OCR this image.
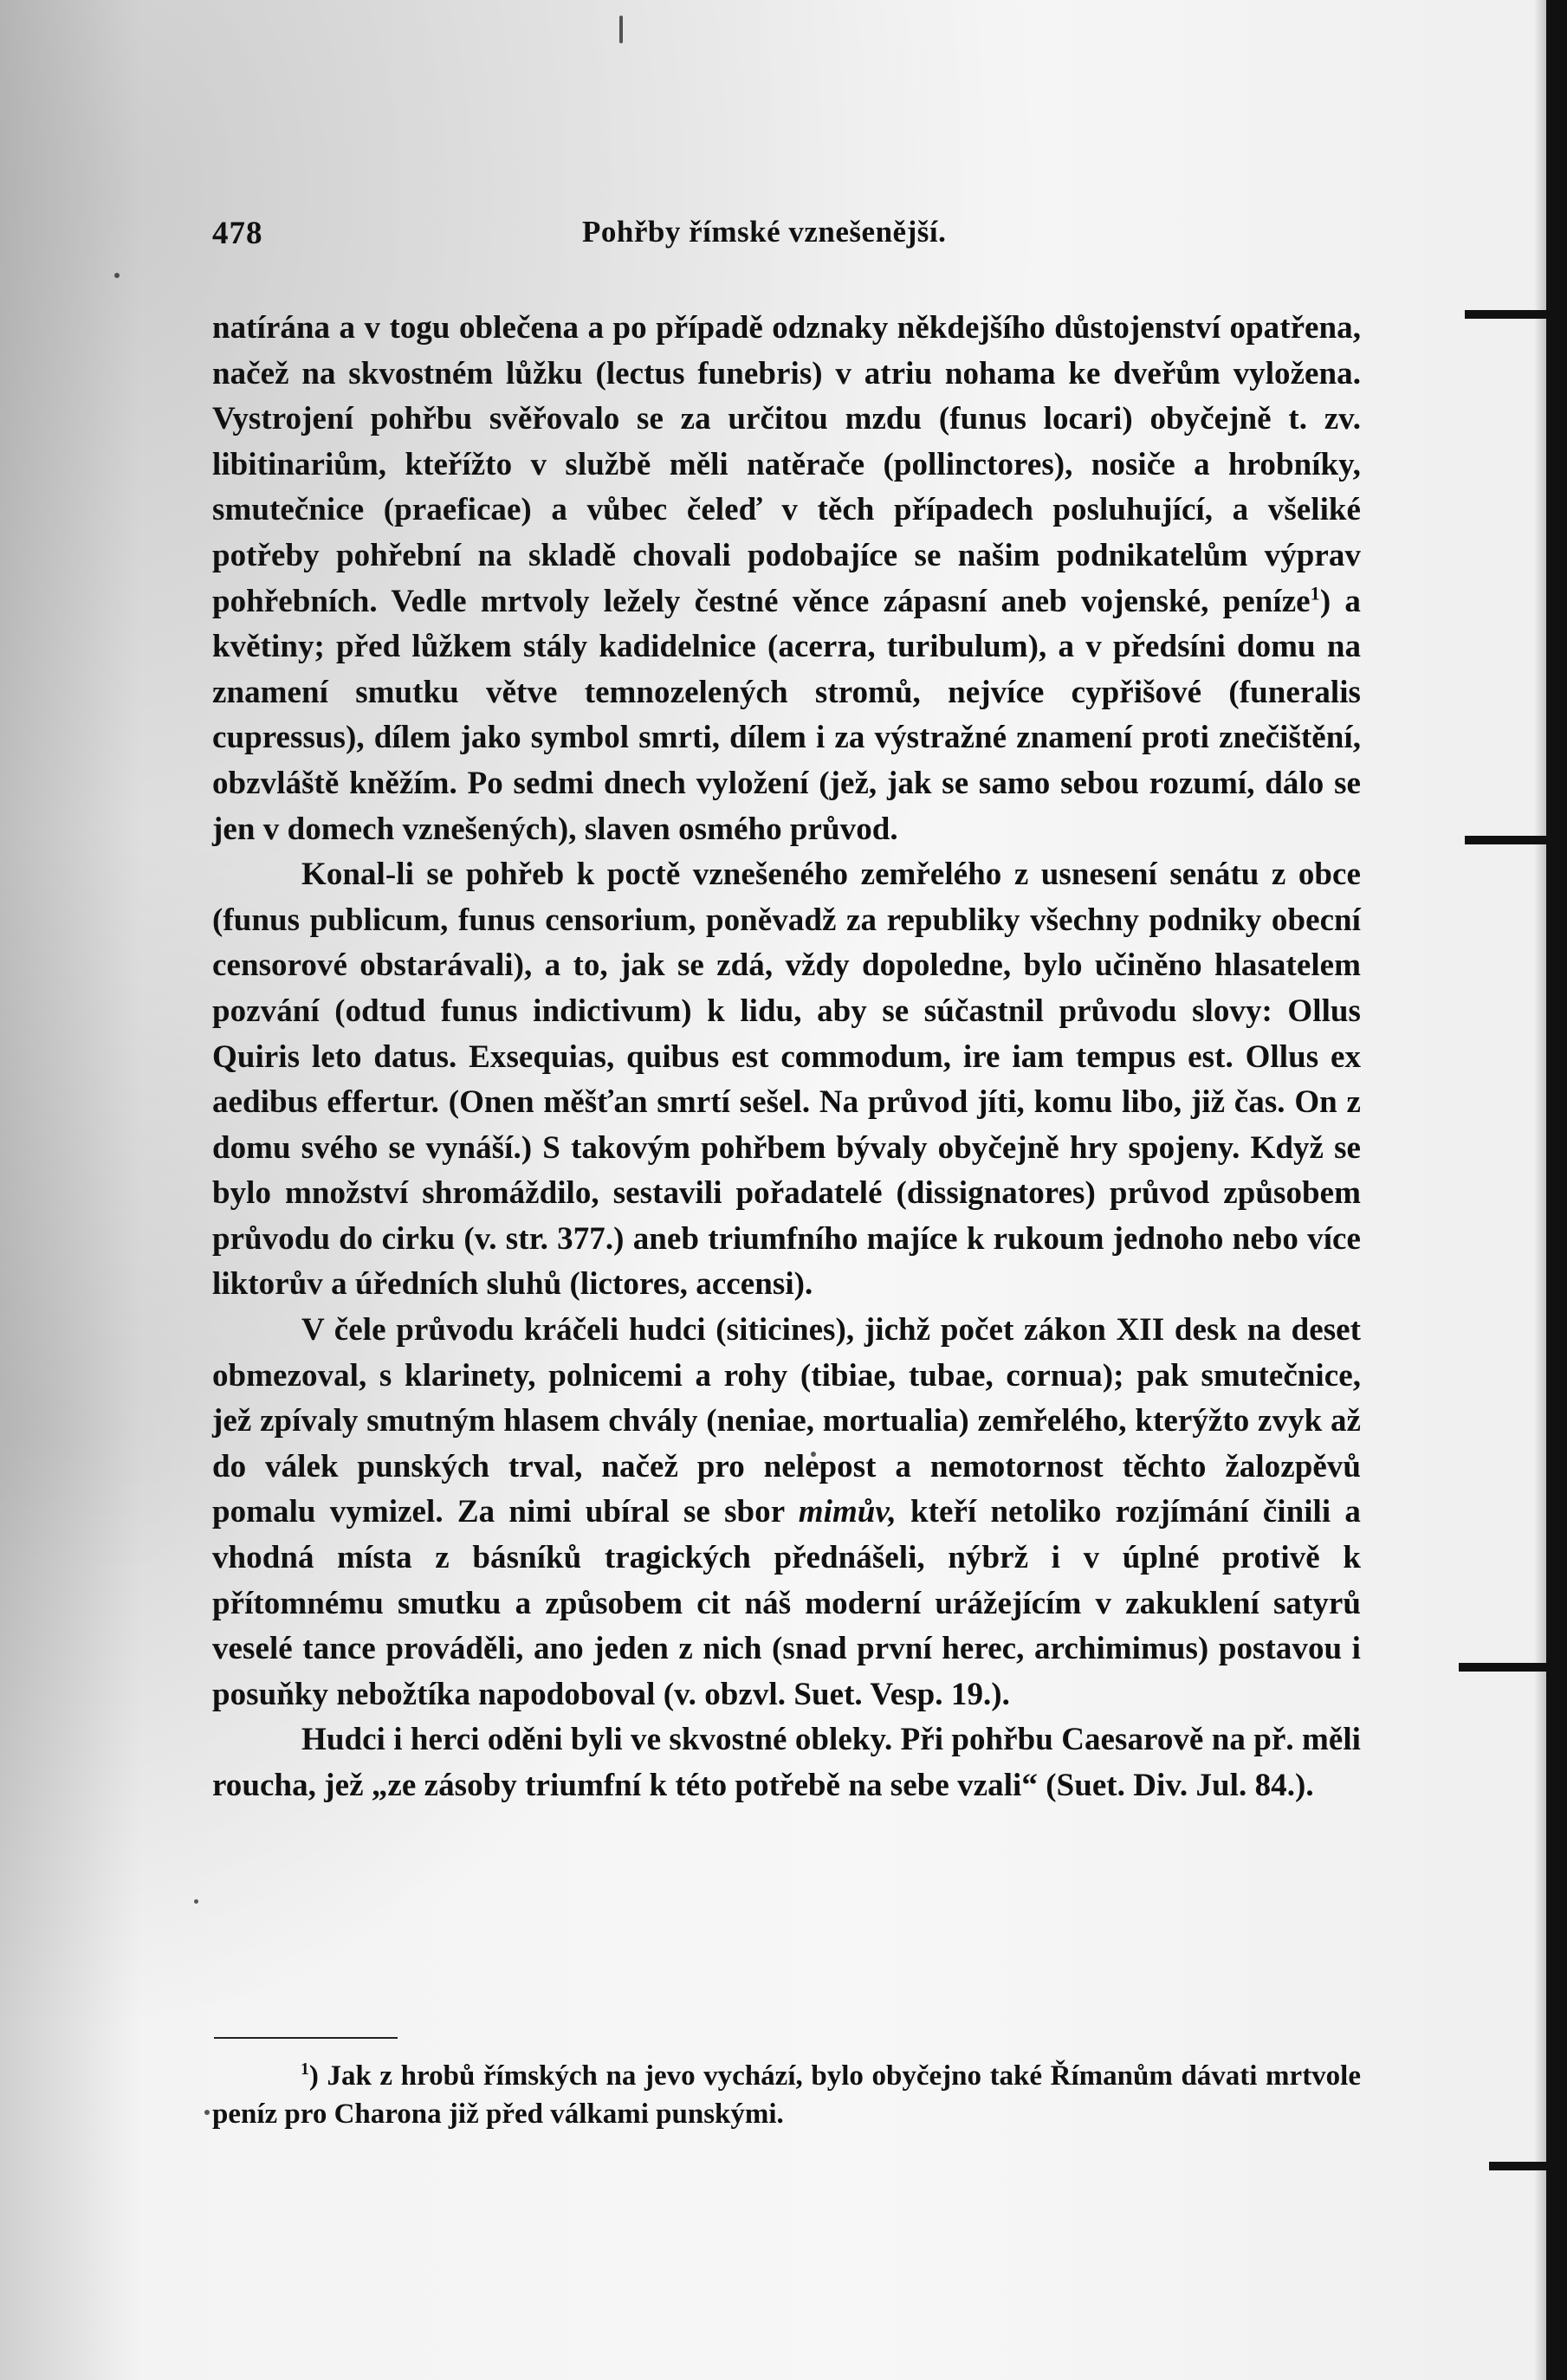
478	Pohřby římské vznešenější.

natírána a v togu oblečena a po případě odznaky někdejšího důstojenství opatřena, načež na skvostném lůžku (lectus funebris) v atriu nohama ke dveřům vyložena. Vystrojení pohřbu svěřovalo se za určitou mzdu (funus locari) obyčejně t. zv. libitinariům, kteřížto v službě měli natěrače (pollinctores), nosiče a hrobníky, smutečnice (praeficae) a vůbec čeleď v těch případech posluhující, a všeliké potřeby pohřební na skladě chovali podobajíce se našim podnikatelům výprav pohřebních. Vedle mrtvoly ležely čestné věnce zápasní aneb vojenské, peníze$^1$) a květiny; před lůžkem stály kadidelnice (acerra, turibulum), a v předsíni domu na znamení smutku větve temnozelených stromů, nejvíce cypřišové (funeralis cupressus), dílem jako symbol smrti, dílem i za výstražné znamení proti znečištění, obzvláště kněžím. Po sedmi dnech vyložení (jež, jak se samo sebou rozumí, dálo se jen v domech vznešených), slaven osmého průvod.

Konal-li se pohřeb k poctě vznešeného zemřelého z usnesení senátu z obce (funus publicum, funus censorium, poněvadž za republiky všechny podniky obecní censorové obstarávali), a to, jak se zdá, vždy dopoledne, bylo učiněno hlasatelem pozvání (odtud funus indictivum) k lidu, aby se súčastnil průvodu slovy: Ollus Quiris leto datus. Exsequias, quibus est commodum, ire iam tempus est. Ollus ex aedibus effertur. (Onen měšťan smrtí sešel. Na průvod jíti, komu libo, již čas. On z domu svého se vynáší.) S takovým pohřbem bývaly obyčejně hry spojeny. Když se bylo množství shromáždilo, sestavili pořadatelé (dissignatores) průvod způsobem průvodu do cirku (v. str. 377.) aneb triumfního majíce k rukoum jednoho nebo více liktorův a úředních sluhů (lictores, accensi).

V čele průvodu kráčeli hudci (siticines), jichž počet zákon XII desk na deset obmezoval, s klarinety, polnicemi a rohy (tibiae, tubae, cornua); pak smutečnice, jež zpívaly smutným hlasem chvály (neniae, mortualia) zemřelého, kterýžto zvyk až do válek punských trval, načež pro nelepost a nemotornost těchto žalozpěvů pomalu vymizel. Za nimi ubíral se sbor mimův, kteří netoliko rozjímání činili a vhodná místa z básníků tragických přednášeli, nýbrž i v úplné protivě k přítomnému smutku a způsobem cit náš moderní urážejícím v zakuklení satyrů veselé tance prováděli, ano jeden z nich (snad první herec, archimimus) postavou i posuňky nebožtíka napodoboval (v. obzvl. Suet. Vesp. 19.).

Hudci i herci oděni byli ve skvostné obleky. Při pohřbu Caesarově na př. měli roucha, jež „ze zásoby triumfní k této potřebě na sebe vzali“ (Suet. Div. Jul. 84.).

$^1$) Jak z hrobů římských na jevo vychází, bylo obyčejno také Římanům dávati mrtvole peníz pro Charona již před válkami punskými.
